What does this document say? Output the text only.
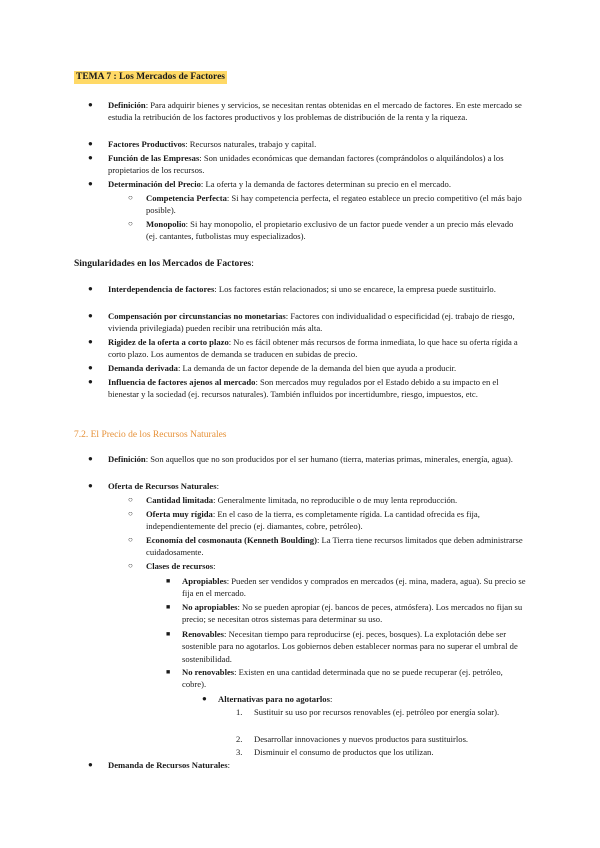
TEMA 7 : Los Mercados de Factores
●

Definición: Para adquirir bienes y servicios, se necesitan rentas obtenidas en el mercado de factores. En este mercado se estudia la retribución de los factores productivos y los problemas de distribución de la renta y la riqueza.

●

Factores Productivos: Recursos naturales, trabajo y capital.

●

Función de las Empresas: Son unidades económicas que demandan factores (comprándolos o alquilándolos) a los propietarios de los recursos.

●

Determinación del Precio: La oferta y la demanda de factores determinan su precio en el mercado.

○

Competencia Perfecta: Si hay competencia perfecta, el regateo establece un precio competitivo (el más bajo posible).

○

Monopolio: Si hay monopolio, el propietario exclusivo de un factor puede vender a un precio más elevado (ej. cantantes, futbolistas muy especializados).

Singularidades en los Mercados de Factores:
●

Interdependencia de factores: Los factores están relacionados; si uno se encarece, la empresa puede sustituirlo.

●

Compensación por circunstancias no monetarias: Factores con individualidad o especificidad (ej. trabajo de riesgo, vivienda privilegiada) pueden recibir una retribución más alta.

●

Rigidez de la oferta a corto plazo: No es fácil obtener más recursos de forma inmediata, lo que hace su oferta rígida a corto plazo. Los aumentos de demanda se traducen en subidas de precio.

●

Demanda derivada: La demanda de un factor depende de la demanda del bien que ayuda a producir.

●

Influencia de factores ajenos al mercado: Son mercados muy regulados por el Estado debido a su impacto en el bienestar y la sociedad (ej. recursos naturales). También influidos por incertidumbre, riesgo, impuestos, etc.

7.2. El Precio de los Recursos Naturales
●

Definición: Son aquellos que no son producidos por el ser humano (tierra, materias primas, minerales, energía, agua).

●

Oferta de Recursos Naturales:

○

Cantidad limitada: Generalmente limitada, no reproducible o de muy lenta reproducción.

○

Oferta muy rígida: En el caso de la tierra, es completamente rígida. La cantidad ofrecida es fija, independientemente del precio (ej. diamantes, cobre, petróleo).

○

Economía del cosmonauta (Kenneth Boulding): La Tierra tiene recursos limitados que deben administrarse cuidadosamente.

○

Clases de recursos:

■

Apropiables: Pueden ser vendidos y comprados en mercados (ej. mina, madera, agua). Su precio se fija en el mercado.

■

No apropiables: No se pueden apropiar (ej. bancos de peces, atmósfera). Los mercados no fijan su precio; se necesitan otros sistemas para determinar su uso.

■

Renovables: Necesitan tiempo para reproducirse (ej. peces, bosques). La explotación debe ser sostenible para no agotarlos. Los gobiernos deben establecer normas para no superar el umbral de sostenibilidad.

■

No renovables: Existen en una cantidad determinada que no se puede recuperar (ej. petróleo, cobre).

●

Alternativas para no agotarlos:

1. Sustituir su uso por recursos renovables (ej. petróleo por energía solar).

2. Desarrollar innovaciones y nuevos productos para sustituirlos.

3. Disminuir el consumo de productos que los utilizan.

●

Demanda de Recursos Naturales:
